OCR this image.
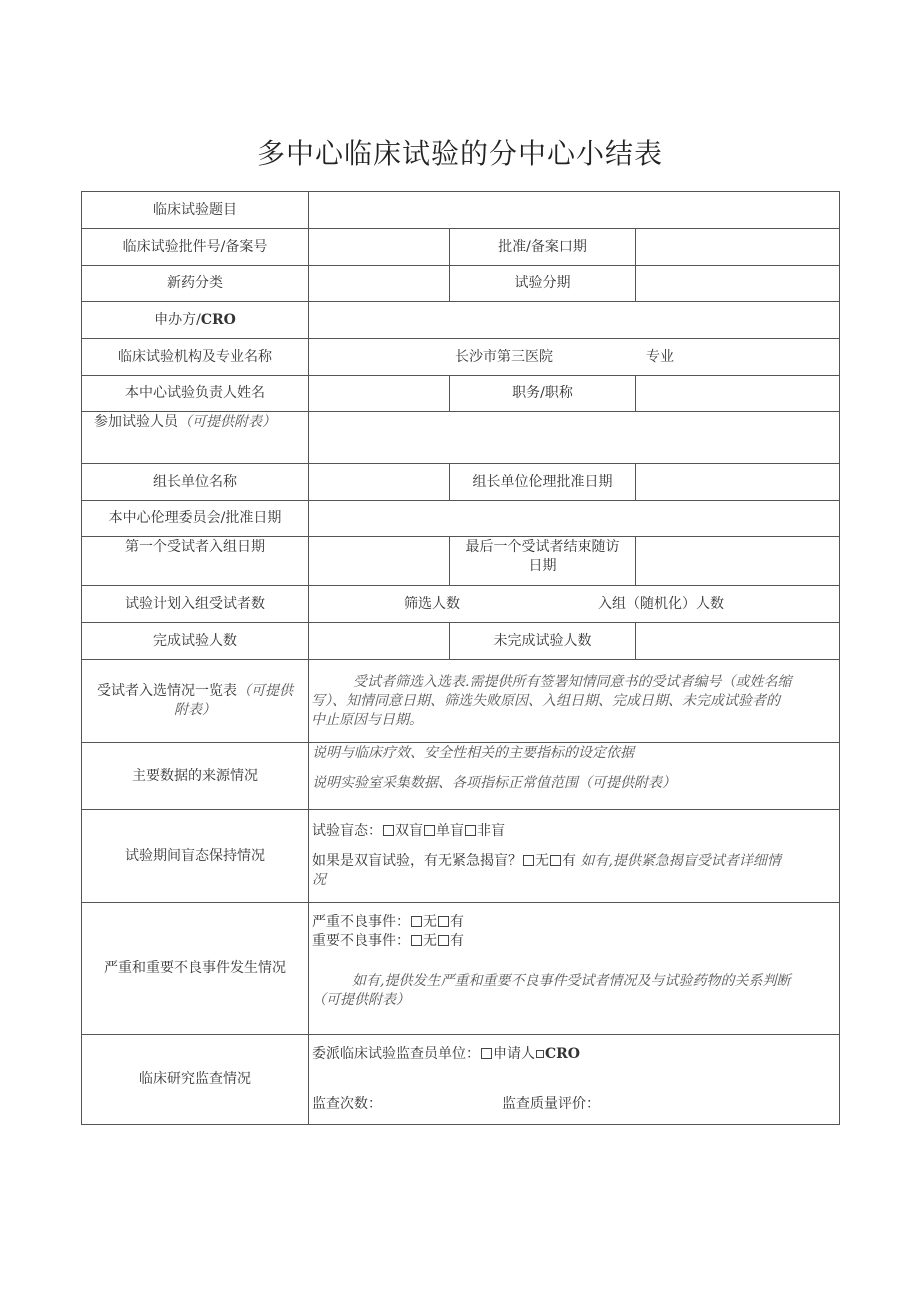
多中心临床试验的分中心小结表
临床试验题目			
临床试验批件号/备案号		批准/备案口期	
新药分类		试验分期	
申办方/CRO			
临床试验机构及专业名称	长沙市第三医院 专业		
本中心试验负责人姓名		职务/职称	
参加试验人员（可提供附表）			
组长单位名称		组长单位伦理批准日期	
本中心伦理委员会/批准日期			
第一个受试者入组日期		最后一个受试者结束随访
日期	

试验计划入组受试者数	筛选人数 入组（随机化）人数		
完成试验人数		未完成试验人数	

受试者入选情况一览表（可提供
附表）	受试者筛选入选表.需提供所有签署知情同意书的受试者编号（或姓名缩
写）、知情同意日期、筛选失败原因、入组日期、完成日期、未完成试验者的
中止原因与日期。		

主要数据的来源情况	说明与临床疗效、安全性相关的主要指标的设定依据
说明实验室采集数据、各项指标正常值范围（可提供附表）		

试验期间盲态保持情况	试验盲态： 双盲 单盲 非盲
如果是双盲试验，有无紧急揭盲？ 无 有 如有,提供紧急揭盲受试者详细情
况		

严重和重要不良事件发生情况	严重不良事件： 无 有
重要不良事件： 无 有
如有,提供发生严重和重要不良事件受试者情况及与试验药物的关系判断
（可提供附表）		

临床研究监查情况	委派临床试验监查员单位： 申请人 CRO
监查次数： 监查质量评价：		
